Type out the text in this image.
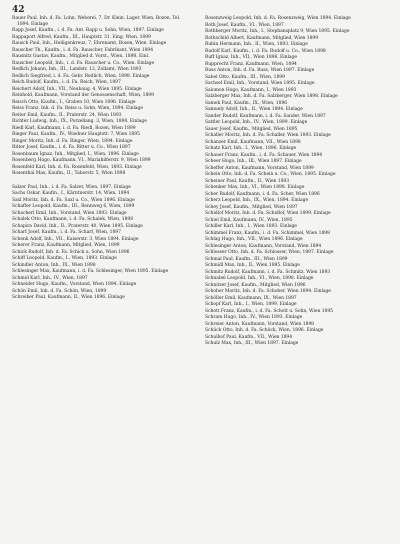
42
Rauer Paul, Inh. d. Fa. Lohn, Weberei, 7, Dr. Klein. Lager. Wien, Bozen, Tel. 1894. Einlage
Rapp Josef, Kaufm., i. d. Fa. Ant. Rapp u. Sohn, Wien, 1897. Einlage
Rappaport Alfred, Kaufm., III., Hauptstr. 31. Eing. Wien, 1899
Rausch Paul, Inh., Heiligenkreuz, 7, Ehrenamt, Bozen, Wien. Einlage
Rauscher Th., Kaufm., i. d. Fa. Rauscher, Fabrikant, Wien 1894
Rausnitz Gustav, Kaufm., Mitglied d. Vorst., Wien, 1898. Einl.
Rauscher Leopold, Inh., i. d. Fa. Rauscher u. Co., Wien. Einlage
Redlich Johann, Inh., III., Landstr. 12, Zollamt, Wien 1893
Redlich Siegfried, i. d. Fa. Gebr. Redlich, Wien, 1898. Einlage
Reich Rudolf, Kaufm., i. d. Fa. Reich, Wien, 1897
Reichert Adolf, Inh., VII., Neubaug. 4, Wien 1895. Einlage
Reinhold, Kaufmann, Vorstand der Genossenschaft, Wien, 1899
Reisch Otto, Kaufm., I., Graben 10, Wien 1896. Einlage
Reiss Franz, Inh. d. Fa. Reiss u. Sohn, Wien, 1894. Einlage
Reiter Emil, Kaufm., II., Praterstr. 24, Wien 1893
Richter Ludwig, Inh., IX., Porzellang. 3, Wien, 1898. Einlage
Riedl Karl, Kaufmann, i. d. Fa. Riedl, Bozen, Wien 1899
Rieger Paul, Kaufm., IV., Wiedner Hauptstr. 7, Wien 1895
Ringer Moritz, Inh. d. Fa. Ringer, Wien, 1894. Einlage
Ritter Josef, Kaufm., i. d. Fa. Ritter u. Co., Wien 1897
Rosenbaum Ignaz, Inh., Mitglied, I., Wien, 1896. Einlage
Rosenberg Hugo, Kaufmann, VI., Mariahilferstr. 9, Wien 1899
Rosenfeld Karl, Inh. d. Fa. Rosenfeld, Wien, 1893. Einlage
Rosenthal Max, Kaufm., II., Taborstr. 5, Wien 1898
Salzer Paul, Inh., i. d. Fa. Salzer, Wien, 1897. Einlage
Sachs Oskar, Kaufm., I., Kärntnerstr. 14, Wien, 1894
Saxl Moritz, Inh. d. Fa. Saxl u. Co., Wien 1896. Einlage
Schaffer Leopold, Kaufm., III., Rennweg 6, Wien, 1899
Schacherl Emil, Inh., Vorstand, Wien 1893. Einlage
Schalek Otto, Kaufmann, i. d. Fa. Schalek, Wien, 1898
Schapira David, Inh., II., Praterstr. 40, Wien 1895. Einlage
Scharf Josef, Kaufm., i. d. Fa. Scharf, Wien, 1897
Schenk Adolf, Inh., VII., Kaiserstr. 3, Wien 1894. Einlage
Scherer Franz, Kaufmann, Mitglied, Wien, 1899
Schick Rudolf, Inh. d. Fa. Schick u. Sohn, Wien 1896
Schiff Leopold, Kaufm., I., Wien, 1893. Einlage
Schindler Anton, Inh., IX., Wien 1898
Schlesinger Max, Kaufmann, i. d. Fa. Schlesinger, Wien 1895. Einlage
Schmid Karl, Inh., IV., Wien, 1897
Schneider Hugo, Kaufm., Vorstand, Wien 1894. Einlage
Schön Emil, Inh. d. Fa. Schön, Wien, 1899
Schreiber Paul, Kaufmann, II., Wien 1896. Einlage
Rosenzweig Leopold, Inh. d. Fa. Rosenzweig, Wien 1894. Einlage
Roth Josef, Kaufm., VI., Wien, 1897
Rothberger Moritz, Inh., I., Stephansplatz 9, Wien 1895. Einlage
Rothschild Albert, Kaufmann, Mitglied, Wien 1899
Rubin Hermann, Inh., II., Wien, 1893. Einlage
Rudolf Karl, Kaufm., i. d. Fa. Rudolf u. Co., Wien 1898
Ruff Ignaz, Inh., VII., Wien 1896. Einlage
Rupprecht Franz, Kaufmann, Wien, 1894
Russ Anton, Inh. d. Fa. Russ, Wien 1897. Einlage
Sabel Otto, Kaufm., III., Wien, 1899
Sachsel Emil, Inh., Vorstand, Wien 1895. Einlage
Salomon Hugo, Kaufmann, I., Wien 1893
Salzberger Max, Inh. d. Fa. Salzberger, Wien 1898. Einlage
Samek Paul, Kaufm., IX., Wien, 1896
Samuely Adolf, Inh., II., Wien 1894. Einlage
Sander Rudolf, Kaufmann, i. d. Fa. Sander, Wien 1897
Sattler Leopold, Inh., IV., Wien, 1899. Einlage
Sauer Josef, Kaufm., Mitglied, Wien 1895
Schaller Moritz, Inh. d. Fa. Schaller, Wien 1893. Einlage
Schanzer Emil, Kaufmann, VII., Wien 1898
Schatz Karl, Inh., I., Wien, 1896. Einlage
Schauer Franz, Kaufm., i. d. Fa. Schauer, Wien 1894
Scheer Hugo, Inh., III., Wien 1897. Einlage
Scheffer Anton, Kaufmann, Vorstand, Wien 1899
Schein Otto, Inh. d. Fa. Schein u. Co., Wien, 1895. Einlage
Scheiner Paul, Kaufm., II., Wien 1893
Schenker Max, Inh., VI., Wien 1898. Einlage
Scher Rudolf, Kaufmann, i. d. Fa. Scher, Wien 1896
Scherz Leopold, Inh., IX., Wien, 1894. Einlage
Schey Josef, Kaufm., Mitglied, Wien 1897
Schidlof Moritz, Inh. d. Fa. Schidlof, Wien 1899. Einlage
Schiel Emil, Kaufmann, IV., Wien, 1895
Schiller Karl, Inh., I., Wien 1893. Einlage
Schimmel Franz, Kaufm., i. d. Fa. Schimmel, Wien 1898
Schlag Hugo, Inh., VII., Wien 1896. Einlage
Schlesinger Anton, Kaufmann, Vorstand, Wien 1894
Schlosser Otto, Inh. d. Fa. Schlosser, Wien, 1897. Einlage
Schmal Paul, Kaufm., III., Wien 1899
Schmidl Max, Inh., II., Wien 1895. Einlage
Schmitz Rudolf, Kaufmann, i. d. Fa. Schmitz, Wien 1893
Schnabel Leopold, Inh., VI., Wien, 1898. Einlage
Schnitzer Josef, Kaufm., Mitglied, Wien 1896
Schober Moritz, Inh. d. Fa. Schober, Wien 1894. Einlage
Schöller Emil, Kaufmann, IX., Wien 1897
Schopf Karl, Inh., I., Wien, 1899. Einlage
Schott Franz, Kaufm., i. d. Fa. Schott u. Sohn, Wien 1895
Schram Hugo, Inh., IV., Wien 1893. Einlage
Schreier Anton, Kaufmann, Vorstand, Wien 1898
Schück Otto, Inh. d. Fa. Schück, Wien, 1896. Einlage
Schulhof Paul, Kaufm., VII., Wien 1894
Schulz Max, Inh., III., Wien 1897. Einlage
